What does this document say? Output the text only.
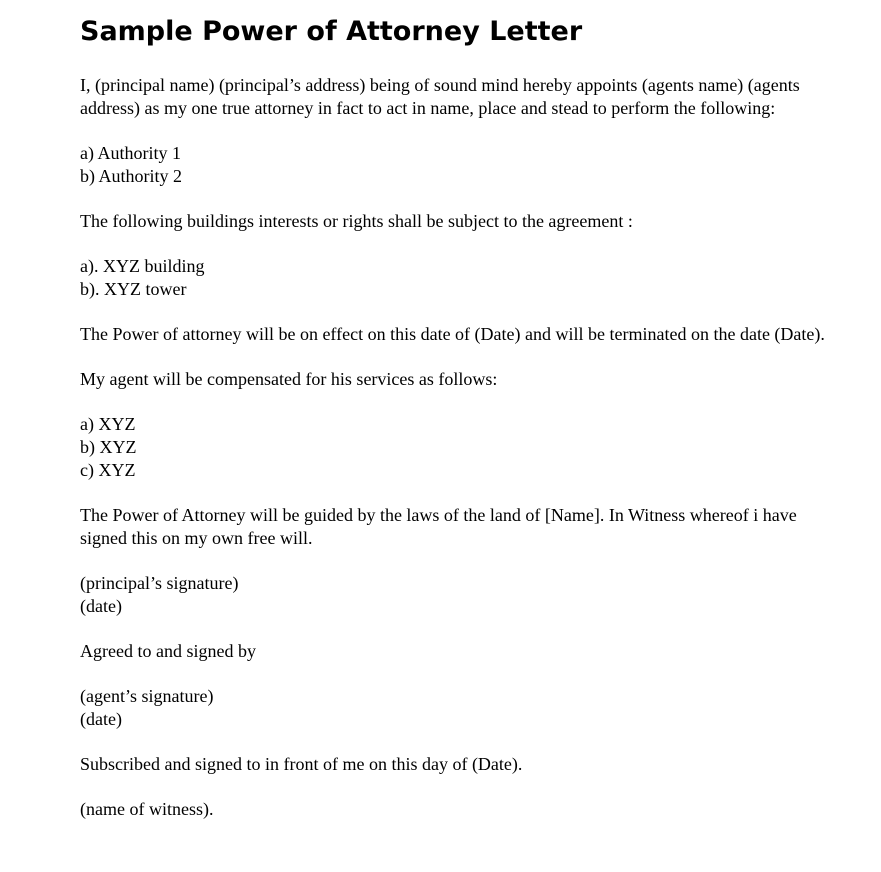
Sample Power of Attorney Letter

I, (principal name) (principal’s address) being of sound mind hereby appoints (agents name) (agents address) as my one true attorney in fact to act in name, place and stead to perform the following:

a) Authority 1
b) Authority 2

The following buildings interests or rights shall be subject to the agreement :

a). XYZ building
b). XYZ tower

The Power of attorney will be on effect on this date of (Date) and will be terminated on the date (Date).

My agent will be compensated for his services as follows:

a) XYZ
b) XYZ
c) XYZ

The Power of Attorney will be guided by the laws of the land of [Name]. In Witness whereof i have signed this on my own free will.

(principal’s signature)
(date)

Agreed to and signed by

(agent’s signature)
(date)

Subscribed and signed to in front of me on this day of (Date).

(name of witness).
